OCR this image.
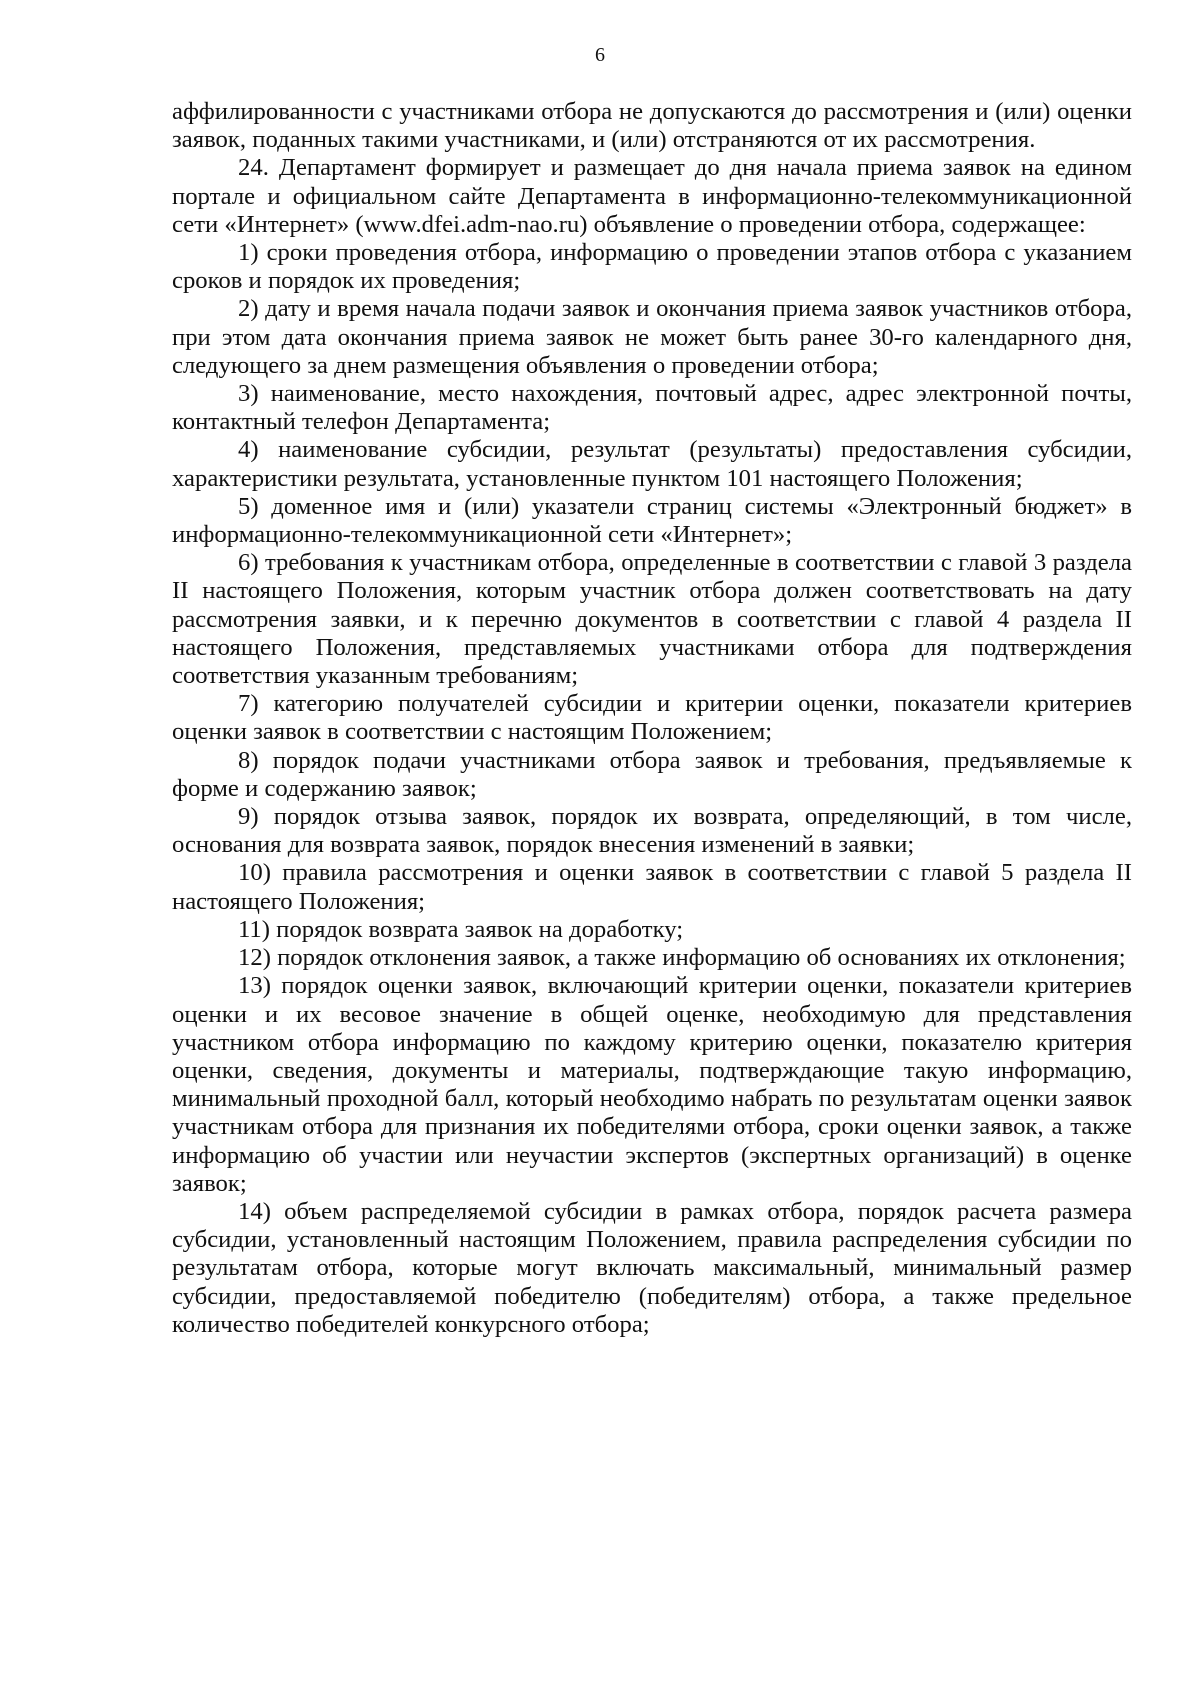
6

аффилированности с участниками отбора не допускаются до рассмотрения и (или) оценки заявок, поданных такими участниками, и (или) отстраняются от их рассмотрения.

24. Департамент формирует и размещает до дня начала приема заявок на едином портале и официальном сайте Департамента в информационно-телекоммуникационной сети «Интернет» (www.dfei.adm-nao.ru) объявление о проведении отбора, содержащее:

1) сроки проведения отбора, информацию о проведении этапов отбора с указанием сроков и порядок их проведения;

2) дату и время начала подачи заявок и окончания приема заявок участников отбора, при этом дата окончания приема заявок не может быть ранее 30-го календарного дня, следующего за днем размещения объявления о проведении отбора;

3) наименование, место нахождения, почтовый адрес, адрес электронной почты, контактный телефон Департамента;

4) наименование субсидии, результат (результаты) предоставления субсидии, характеристики результата, установленные пунктом 101 настоящего Положения;

5) доменное имя и (или) указатели страниц системы «Электронный бюджет» в информационно-телекоммуникационной сети «Интернет»;

6) требования к участникам отбора, определенные в соответствии с главой 3 раздела II настоящего Положения, которым участник отбора должен соответствовать на дату рассмотрения заявки, и к перечню документов в соответствии с главой 4 раздела II настоящего Положения, представляемых участниками отбора для подтверждения соответствия указанным требованиям;

7) категорию получателей субсидии и критерии оценки, показатели критериев оценки заявок в соответствии с настоящим Положением;

8) порядок подачи участниками отбора заявок и требования, предъявляемые к форме и содержанию заявок;

9) порядок отзыва заявок, порядок их возврата, определяющий, в том числе, основания для возврата заявок, порядок внесения изменений в заявки;

10) правила рассмотрения и оценки заявок в соответствии с главой 5 раздела II настоящего Положения;

11) порядок возврата заявок на доработку;

12) порядок отклонения заявок, а также информацию об основаниях их отклонения;

13) порядок оценки заявок, включающий критерии оценки, показатели критериев оценки и их весовое значение в общей оценке, необходимую для представления участником отбора информацию по каждому критерию оценки, показателю критерия оценки, сведения, документы и материалы, подтверждающие такую информацию, минимальный проходной балл, который необходимо набрать по результатам оценки заявок участникам отбора для признания их победителями отбора, сроки оценки заявок, а также информацию об участии или неучастии экспертов (экспертных организаций) в оценке заявок;

14) объем распределяемой субсидии в рамках отбора, порядок расчета размера субсидии, установленный настоящим Положением, правила распределения субсидии по результатам отбора, которые могут включать максимальный, минимальный размер субсидии, предоставляемой победителю (победителям) отбора, а также предельное количество победителей конкурсного отбора;
